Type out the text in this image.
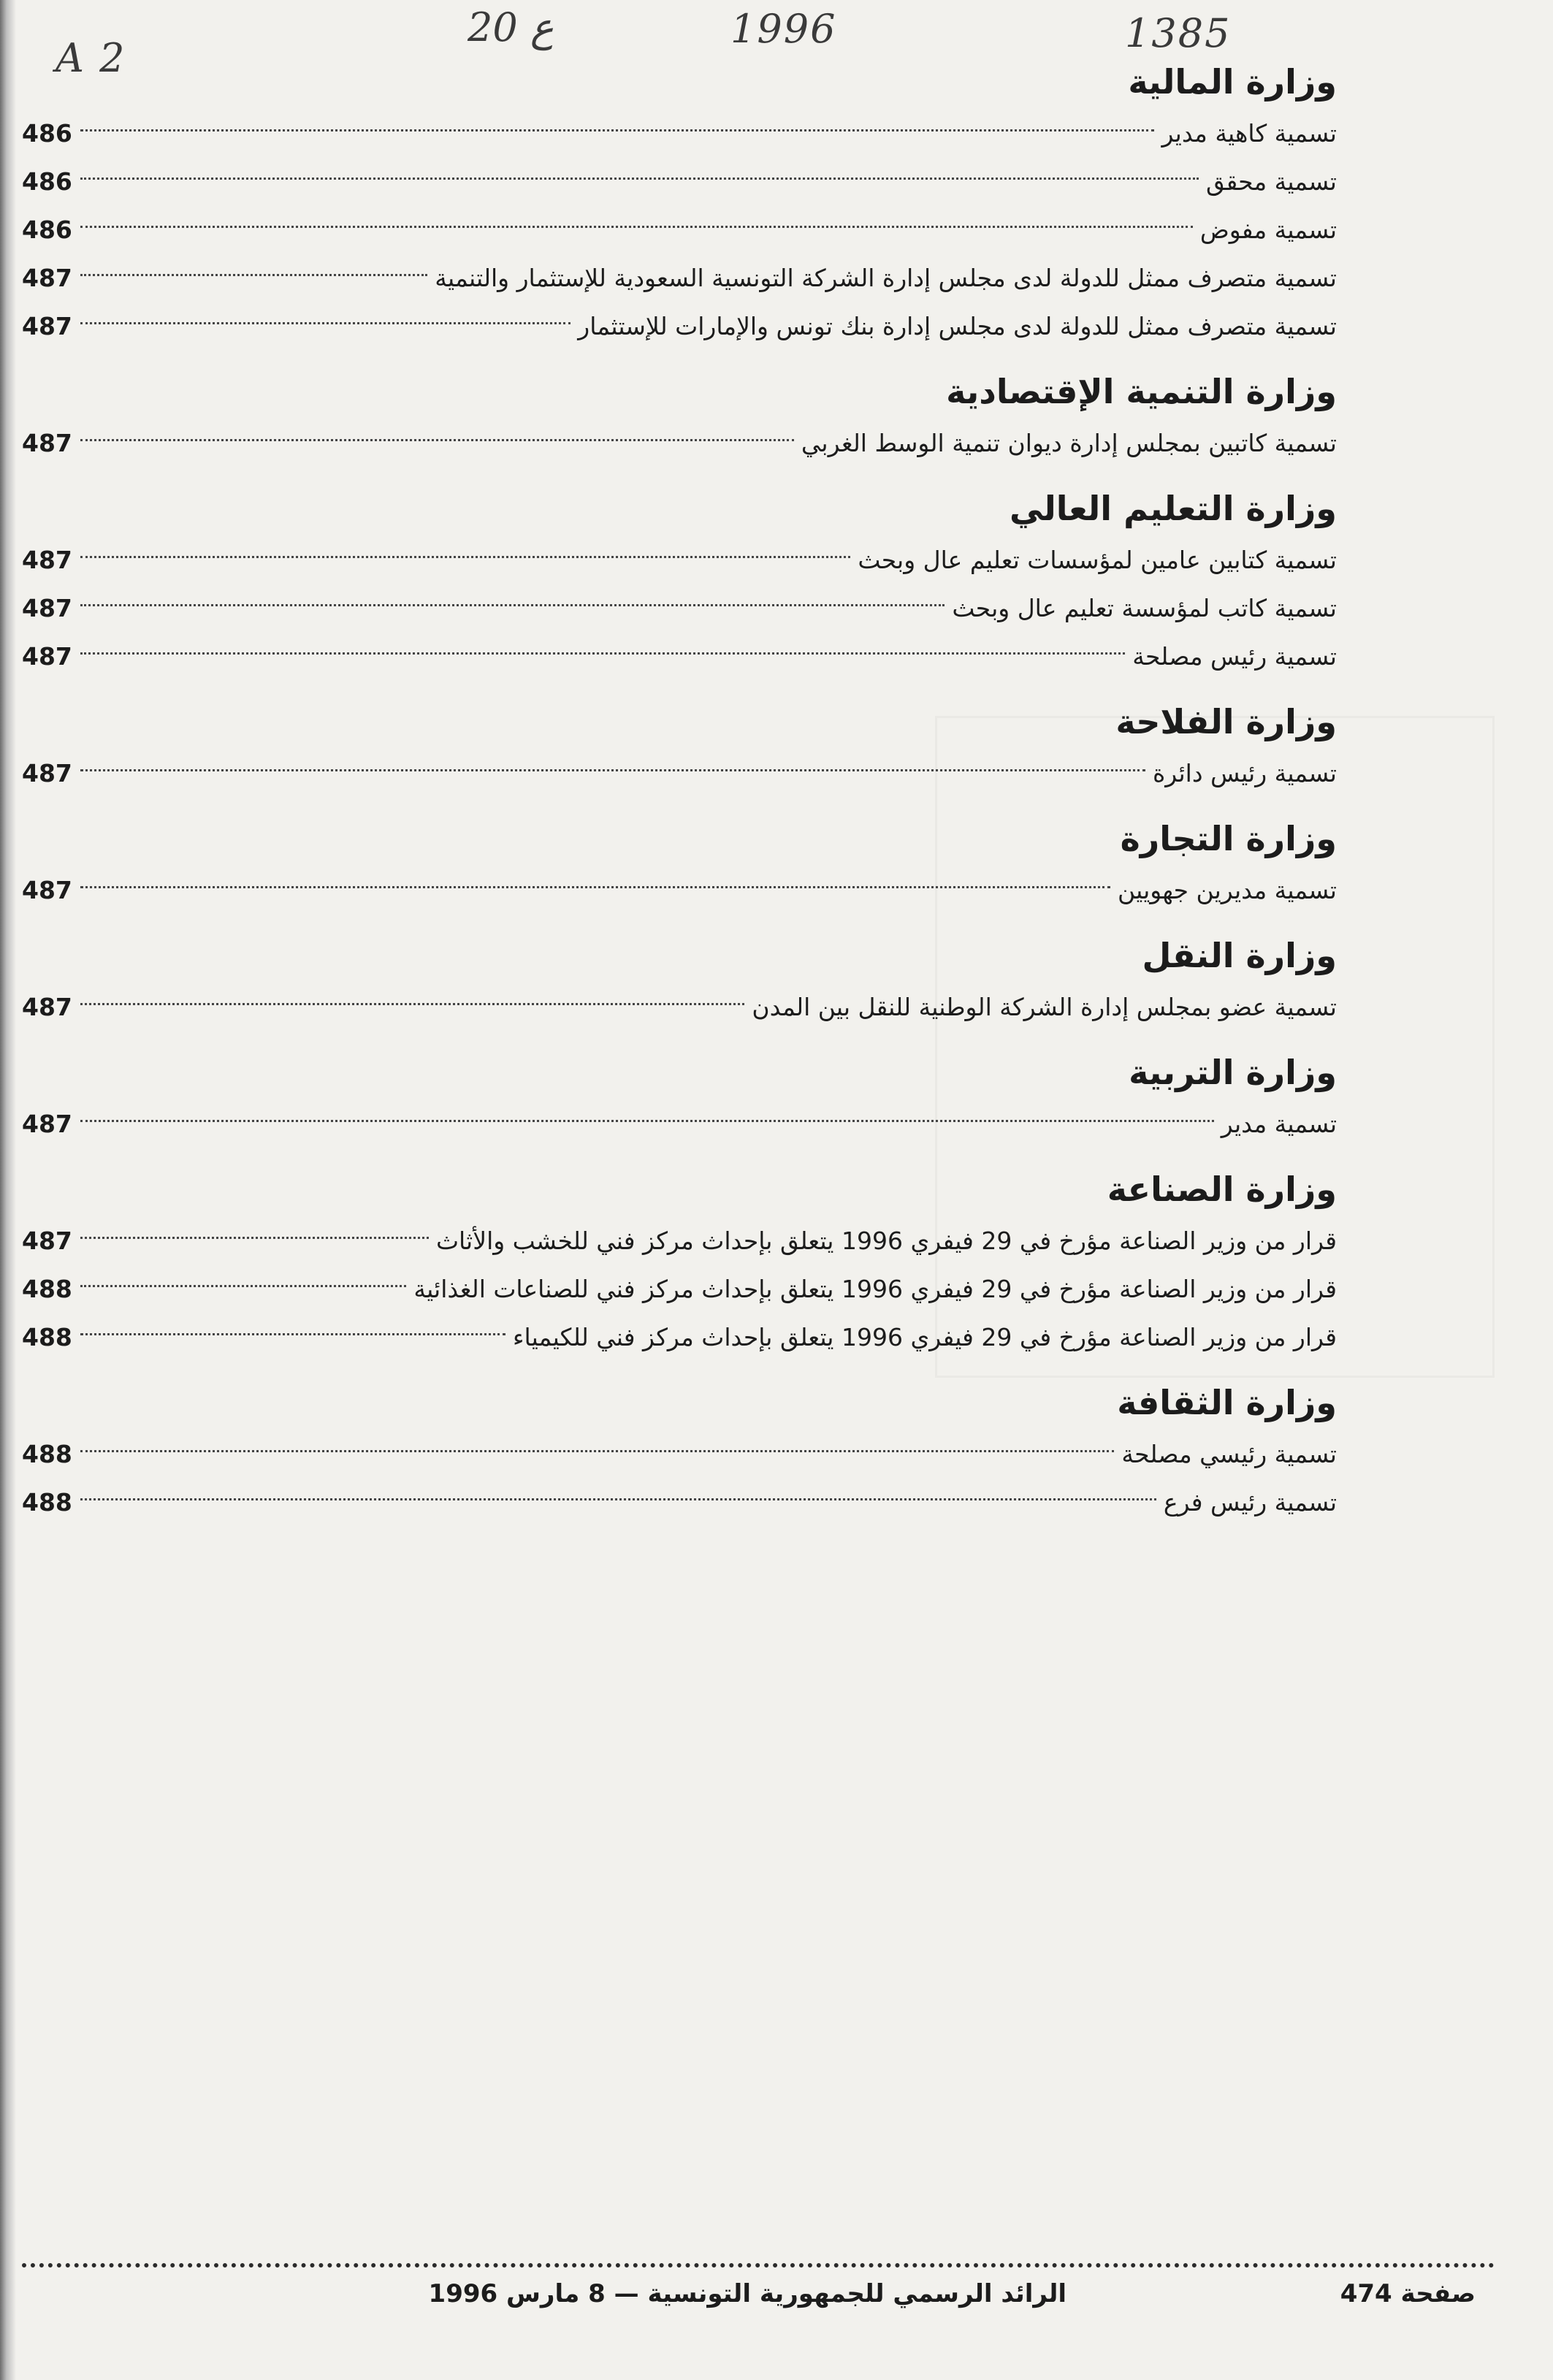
A 2
20 ع	1996	1385
وزارة المالية
تسمية كاهية مدير
486
تسمية محقق
486
تسمية مفوض
486
تسمية متصرف ممثل للدولة لدى مجلس إدارة الشركة التونسية السعودية للإستثمار والتنمية
487
تسمية متصرف ممثل للدولة لدى مجلس إدارة بنك تونس والإمارات للإستثمار
487
وزارة التنمية الإقتصادية
تسمية كاتبين بمجلس إدارة ديوان تنمية الوسط الغربي
487
وزارة التعليم العالي
تسمية كتابين عامين لمؤسسات تعليم عال وبحث
487
تسمية كاتب لمؤسسة تعليم عال وبحث
487
تسمية رئيس مصلحة
487
وزارة الفلاحة
تسمية رئيس دائرة
487
وزارة التجارة
تسمية مديرين جهويين
487
وزارة النقل
تسمية عضو بمجلس إدارة الشركة الوطنية للنقل بين المدن
487
وزارة التربية
تسمية مدير
487
وزارة الصناعة
قرار من وزير الصناعة مؤرخ في 29 فيفري 1996 يتعلق بإحداث مركز فني للخشب والأثاث
487
قرار من وزير الصناعة مؤرخ في 29 فيفري 1996 يتعلق بإحداث مركز فني للصناعات الغذائية
488
قرار من وزير الصناعة مؤرخ في 29 فيفري 1996 يتعلق بإحداث مركز فني للكيمياء
488
وزارة الثقافة
تسمية رئيسي مصلحة
488
تسمية رئيس فرع
488
صفحة 474
الرائد الرسمي للجمهورية التونسية — 8 مارس 1996
